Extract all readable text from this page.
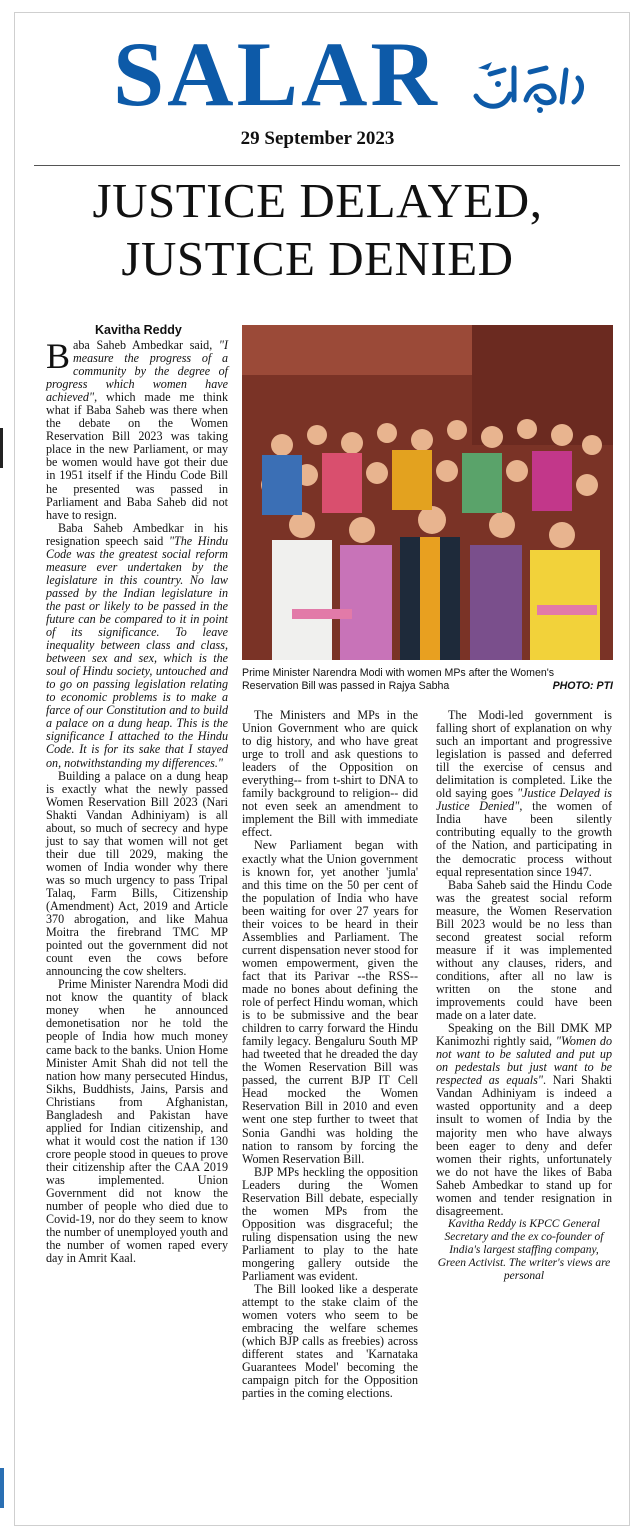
SALAR
29 September 2023
JUSTICE DELAYED,
JUSTICE DENIED
Kavitha Reddy

Baba Saheb Ambedkar said, "I measure the progress of a community by the degree of progress which women have achieved", which made me think what if Baba Saheb was there when the debate on the Women Reservation Bill 2023 was taking place in the new Parliament, or may be women would have got their due in 1951 itself if the Hindu Code Bill he presented was passed in Parliament and Baba Saheb did not have to resign.

Baba Saheb Ambedkar in his resignation speech said "The Hindu Code was the greatest social reform measure ever undertaken by the legislature in this country. No law passed by the Indian legislature in the past or likely to be passed in the future can be compared to it in point of its significance. To leave inequality between class and class, between sex and sex, which is the soul of Hindu society, untouched and to go on passing legislation relating to economic problems is to make a farce of our Constitution and to build a palace on a dung heap. This is the significance I attached to the Hindu Code. It is for its sake that I stayed on, notwithstanding my differences."

Building a palace on a dung heap is exactly what the newly passed Women Reservation Bill 2023 (Nari Shakti Vandan Adhiniyam) is all about, so much of secrecy and hype just to say that women will not get their due till 2029, making the women of India wonder why there was so much urgency to pass Tripal Talaq, Farm Bills, Citizenship (Amendment) Act, 2019 and Article 370 abrogation, and like Mahua Moitra the firebrand TMC MP pointed out the government did not count even the cows before announcing the cow shelters.

Prime Minister Narendra Modi did not know the quantity of black money when he announced demonetisation nor he told the people of India how much money came back to the banks. Union Home Minister Amit Shah did not tell the nation how many persecuted Hindus, Sikhs, Buddhists, Jains, Parsis and Christians from Afghanistan, Bangladesh and Pakistan have applied for Indian citizenship, and what it would cost the nation if 130 crore people stood in queues to prove their citizenship after the CAA 2019 was implemented. Union Government did not know the number of people who died due to Covid-19, nor do they seem to know the number of unemployed youth and the number of women raped every day in Amrit Kaal.

Prime Minister Narendra Modi with women MPs after the Women's Reservation Bill was passed in Rajya Sabha	PHOTO: PTI

The Ministers and MPs in the Union Government who are quick to dig history, and who have great urge to troll and ask questions to leaders of the Opposition on everything-- from t-shirt to DNA to family background to religion-- did not even seek an amendment to implement the Bill with immediate effect.

New Parliament began with exactly what the Union government is known for, yet another 'jumla' and this time on the 50 per cent of the population of India who have been waiting for over 27 years for their voices to be heard in their Assemblies and Parliament. The current dispensation never stood for women empowerment, given the fact that its Parivar --the RSS-- made no bones about defining the role of perfect Hindu woman, which is to be submissive and the bear children to carry forward the Hindu family legacy. Bengaluru South MP had tweeted that he dreaded the day the Women Reservation Bill was passed, the current BJP IT Cell Head mocked the Women Reservation Bill in 2010 and even went one step further to tweet that Sonia Gandhi was holding the nation to ransom by forcing the Women Reservation Bill.

BJP MPs heckling the opposition Leaders during the Women Reservation Bill debate, especially the women MPs from the Opposition was disgraceful; the ruling dispensation using the new Parliament to play to the hate mongering gallery outside the Parliament was evident.

The Bill looked like a desperate attempt to the stake claim of the women voters who seem to be embracing the welfare schemes (which BJP calls as freebies) across different states and 'Karnataka Guarantees Model' becoming the campaign pitch for the Opposition parties in the coming elections.

The Modi-led government is falling short of explanation on why such an important and progressive legislation is passed and deferred till the exercise of census and delimitation is completed. Like the old saying goes "Justice Delayed is Justice Denied", the women of India have been silently contributing equally to the growth of the Nation, and participating in the democratic process without equal representation since 1947.

Baba Saheb said the Hindu Code was the greatest social reform measure, the Women Reservation Bill 2023 would be no less than second greatest social reform measure if it was implemented without any clauses, riders, and conditions, after all no law is written on the stone and improvements could have been made on a later date.

Speaking on the Bill DMK MP Kanimozhi rightly said, "Women do not want to be saluted and put up on pedestals but just want to be respected as equals". Nari Shakti Vandan Adhiniyam is indeed a wasted opportunity and a deep insult to women of India by the majority men who have always been eager to deny and defer women their rights, unfortunately we do not have the likes of Baba Saheb Ambedkar to stand up for women and tender resignation in disagreement.

Kavitha Reddy is KPCC General Secretary and the ex co-founder of India's largest staffing company, Green Activist. The writer's views are personal
